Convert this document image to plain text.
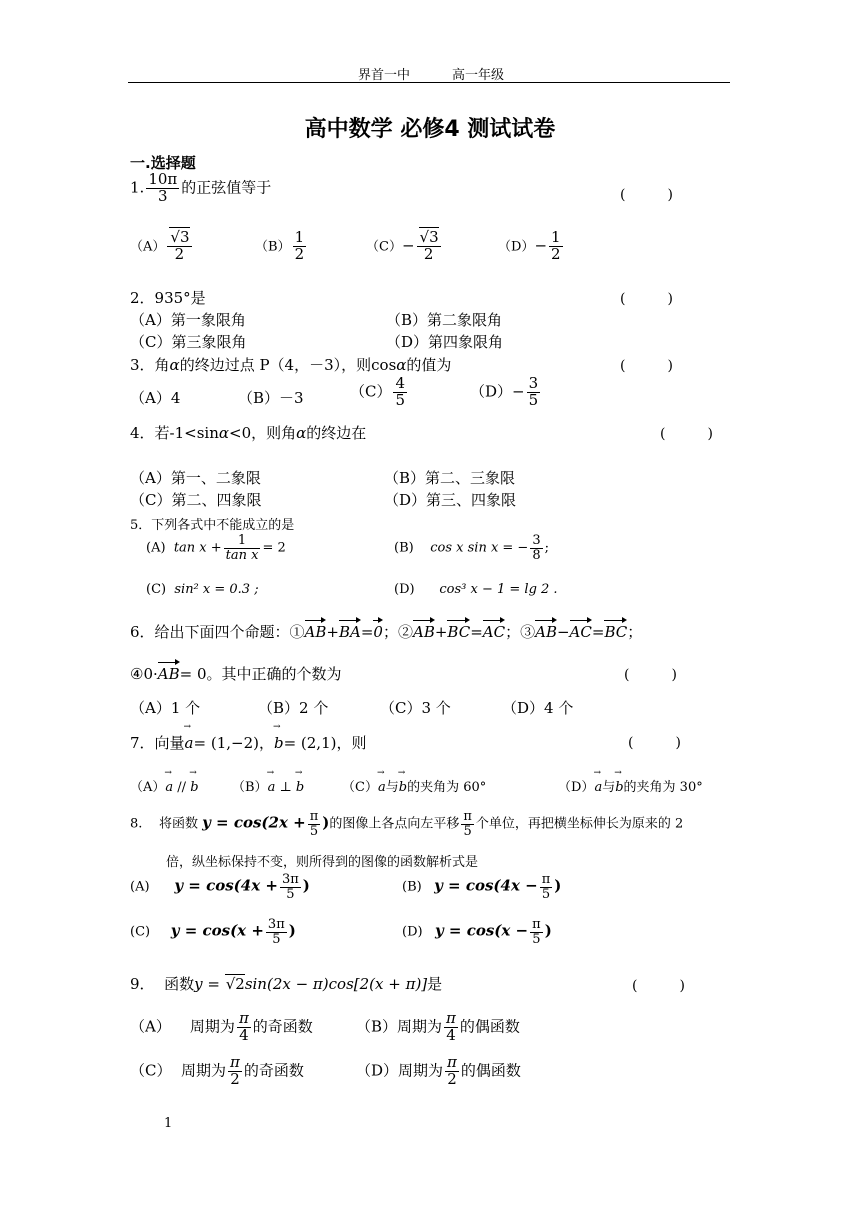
界首一中	高一年级
高中数学 必修4 测试试卷
一.选择题
1. $\frac{10\pi}{3}$ 的正弦值等于	(　　　)
$(A) \frac{√3}{2}$	$(B) \frac{1}{2}$	$(C)- \frac{√3}{2}$	$(D)- \frac{1}{2}$
2．935°是	(　　　)
（A）第一象限角	（B）第二象限角
（C）第三象限角	（D）第四象限角
3．角α的终边过点 P（4，－3），则cosα的值为	(　　　)
（A）4	（B）－3	$(C) \frac{4}{5}$	$(D)- \frac{3}{5}$
4．若-1<sinα<0，则角α的终边在	(　　　)
（A）第一、二象限	（B）第二、三象限
（C）第二、四象限	（D）第三、四象限
5．下列各式中不能成立的是
(A) $\tan x + \frac{1}{\text{tan x}} = 2$	(B) cos x sin x = − $\frac{3}{8}$ ;
(C) sin² x = 0.3 ;	(D) cos³ x − 1 = lg 2 .
6．给出下面四个命题：①AB+BA=0；②AB+BC=AC；③AB−AC=BC；
④0·AB= 0。其中正确的个数为	(　　　)
（A）1 个	（B）2 个	（C）3 个	（D）4 个
7．向量a →= (1,−2)，b →= (2,1)，则	(　　　)
（A）a → // b →	（B）a → ⊥ b →	（C）a →与b →的夹角为 60°	（D）a →与b →的夹角为 30°
8. 将函数 $y = \cos(2x + \frac{\pi}{5}$ )的图像上各点向左平移 $\frac{\pi}{5}$ 个单位，再把横坐标伸长为原来的 2
倍，纵坐标保持不变，则所得到的图像的函数解析式是
(A) $y = \cos(4x + \frac{3\pi}{5}$ )	(B) $y = \cos(4x - \frac{\pi}{5}$ )
(C) $y = \cos(x + \frac{3\pi}{5}$ )	(D) $y = \cos(x - \frac{\pi}{5}$ )
9． 函数y = √2sin(2x − π)cos[2(x + π)]是	(　　　)
（A） 周期为 $\frac{\pi}{4}$ 的奇函数	（B）周期为 $\frac{\pi}{4}$ 的偶函数
（C） 周期为 $\frac{\pi}{2}$ 的奇函数	（D）周期为 $\frac{\pi}{2}$ 的偶函数
1
